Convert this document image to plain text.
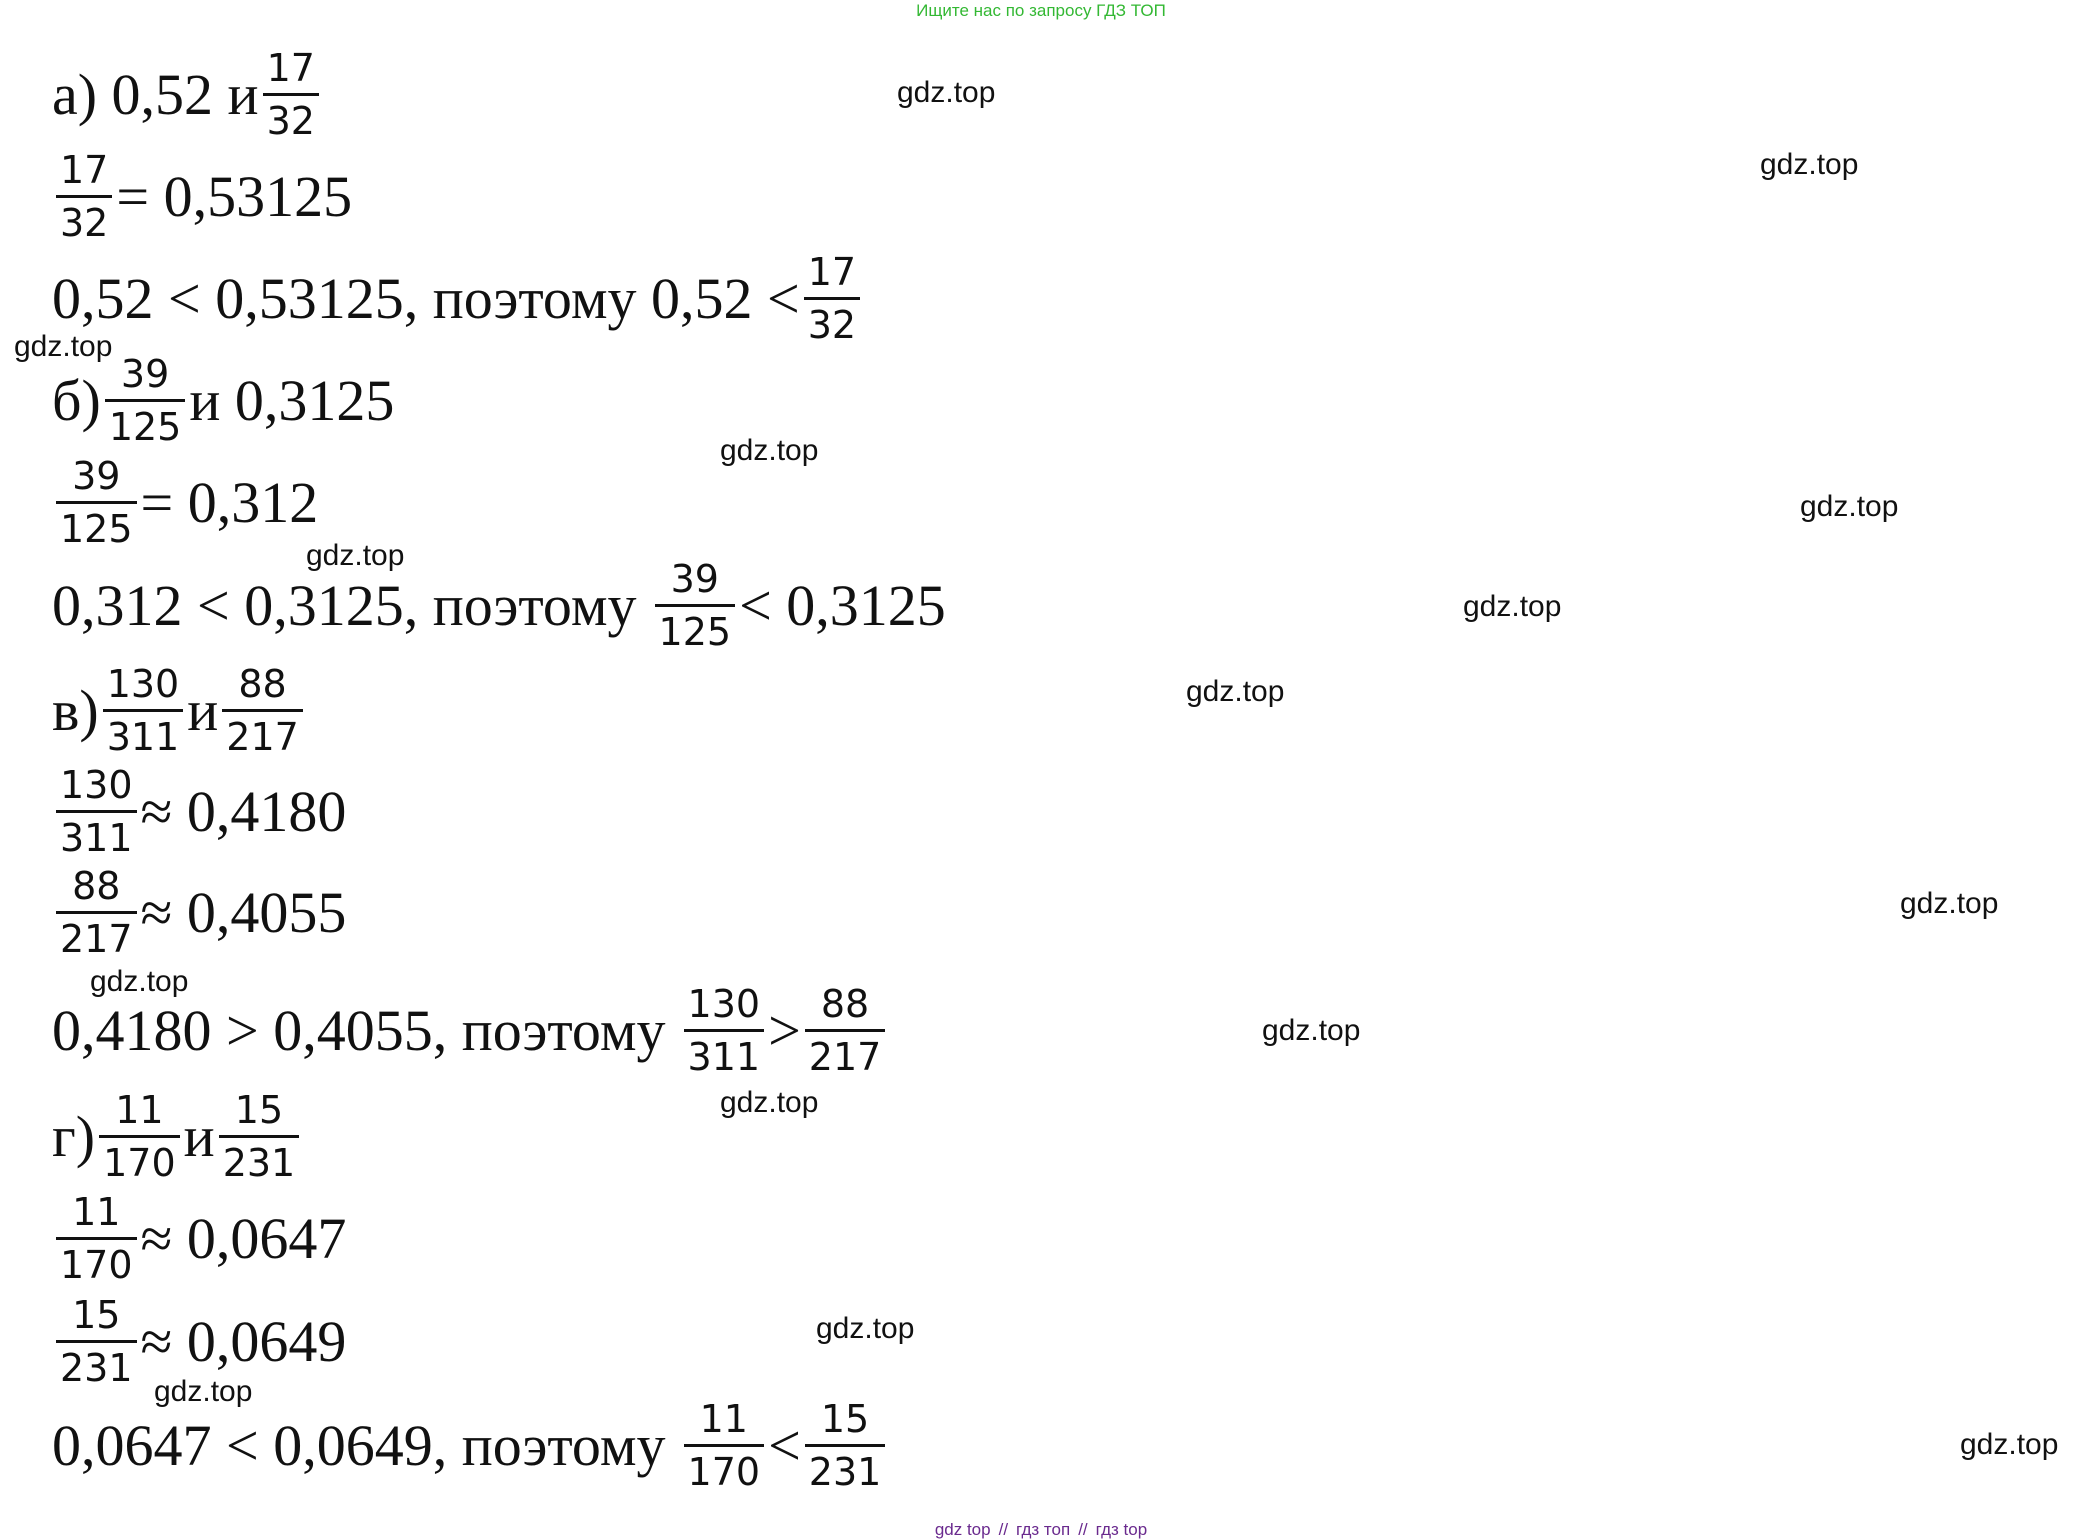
Ищите нас по запросу ГДЗ ТОП
а) 0,52 и $\frac{17}{32}$
$\frac{17}{32} = 0,53125$
0,52 < 0,53125, поэтому $0,52 < \frac{17}{32}$
$б) \frac{39}{125}$ и 0,3125
$\frac{39}{125} = 0,312$
0,312 < 0,3125, поэтому $\frac{39}{125} < 0,3125$
$в) \frac{130}{311}$ и $\frac{88}{217}$
$\frac{130}{311} \approx 0,4180$
$\frac{88}{217} \approx 0,4055$
0,4180 > 0,4055, поэтому $\frac{130}{311} > \frac{88}{217}$
$г) \frac{11}{170}$ и $\frac{15}{231}$
$\frac{11}{170} \approx 0,0647$
$\frac{15}{231} \approx 0,0649$
0,0647 < 0,0649, поэтому $\frac{11}{170} < \frac{15}{231}$
gdz.top
gdz.top
gdz.top
gdz.top
gdz.top
gdz.top
gdz.top
gdz.top
gdz.top
gdz.top
gdz.top
gdz.top
gdz.top
gdz.top
gdz.top
gdz top // гдз топ // гдз top
